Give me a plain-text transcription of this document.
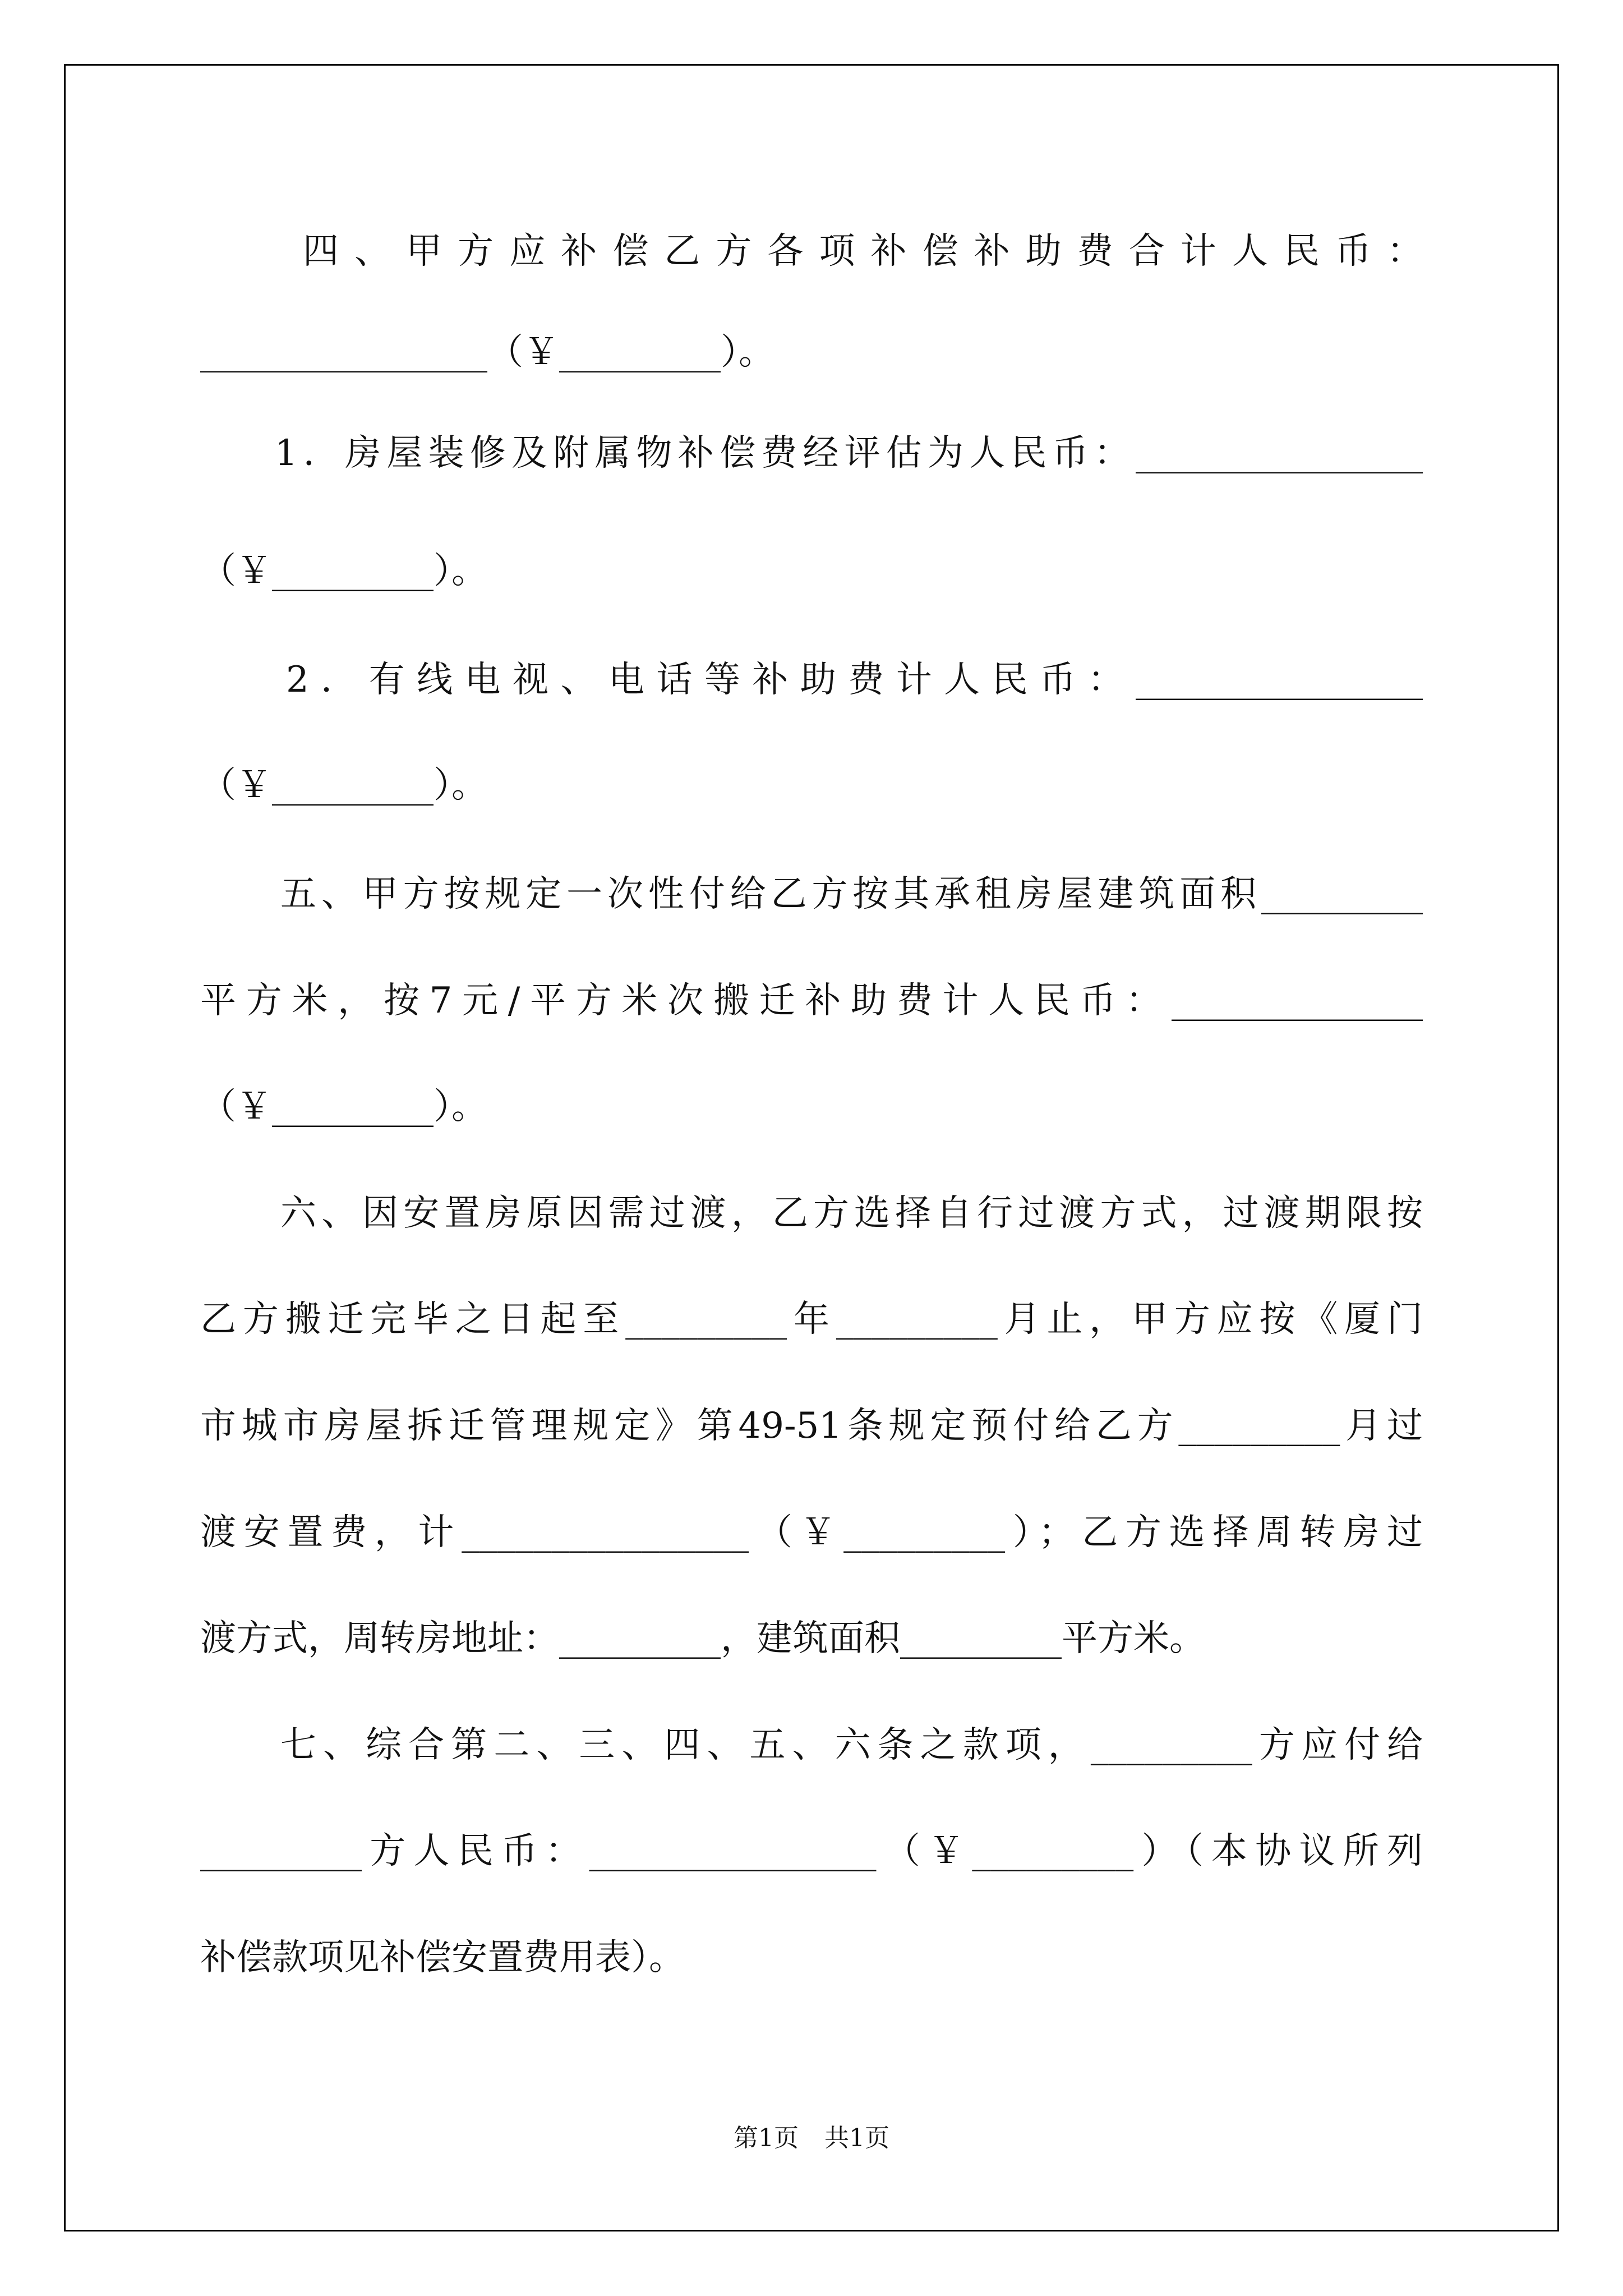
四、甲方应补偿乙方各项补偿补助费合计人民币：
________________（￥_________）。
1．房屋装修及附属物补偿费经评估为人民币：________________
（￥_________）。
2．有线电视、电话等补助费计人民币：________________
（￥_________）。
五、甲方按规定一次性付给乙方按其承租房屋建筑面积_________
平方米，按7元/平方米次搬迁补助费计人民币：______________
（￥_________）。
六、因安置房原因需过渡，乙方选择自行过渡方式，过渡期限按
乙方搬迁完毕之日起至_________年_________月止，甲方应按《厦门
市城市房屋拆迁管理规定》第49-51条规定预付给乙方_________月过
渡安置费，计________________（￥_________）；乙方选择周转房过
渡方式，周转房地址：_________，建筑面积_________平方米。
七、综合第二、三、四、五、六条之款项，_________方应付给
_________方人民币：________________（￥_________）（本协议所列
补偿款项见补偿安置费用表）。
第1页 共1页
